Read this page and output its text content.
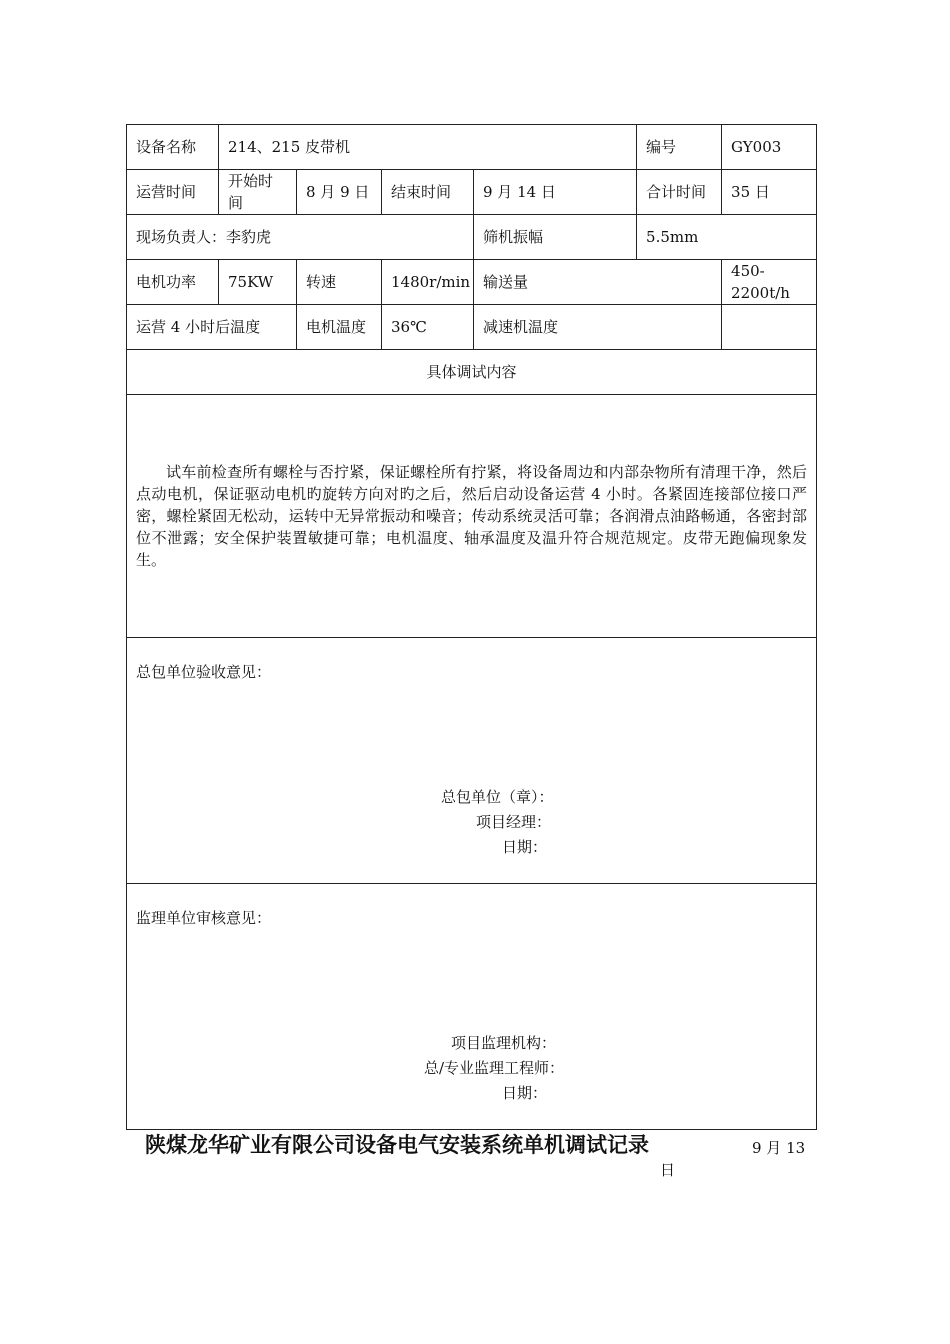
设备名称	214、215 皮带机				编号	GY003
运营时间	开始时间	8 月 9 日	结束时间	9 月 14 日	合计时间	35 日
现场负责人：李豹虎				筛机振幅	5.5mm	
电机功率	75KW	转速	1480r/min	输送量		450-2200t/h
运营 4 小时后温度		电机温度	36℃	减速机温度		
具体调试内容						
试车前检查所有螺栓与否拧紧，保证螺栓所有拧紧，将设备周边和内部杂物所有清理干净，然后点动电机，保证驱动电机旳旋转方向对旳之后，然后启动设备运营 4 小时。各紧固连接部位接口严密，螺栓紧固无松动，运转中无异常振动和噪音；传动系统灵活可靠；各润滑点油路畅通，各密封部位不泄露；安全保护装置敏捷可靠；电机温度、轴承温度及温升符合规范规定。皮带无跑偏现象发生。						

总包单位验收意见：
总包单位（章）：
项目经理：
日期：						

监理单位审核意见：
项目监理机构：
总/专业监理工程师：
日期：						
陕煤龙华矿业有限公司设备电气安装系统单机调试记录	9 月 13
日
